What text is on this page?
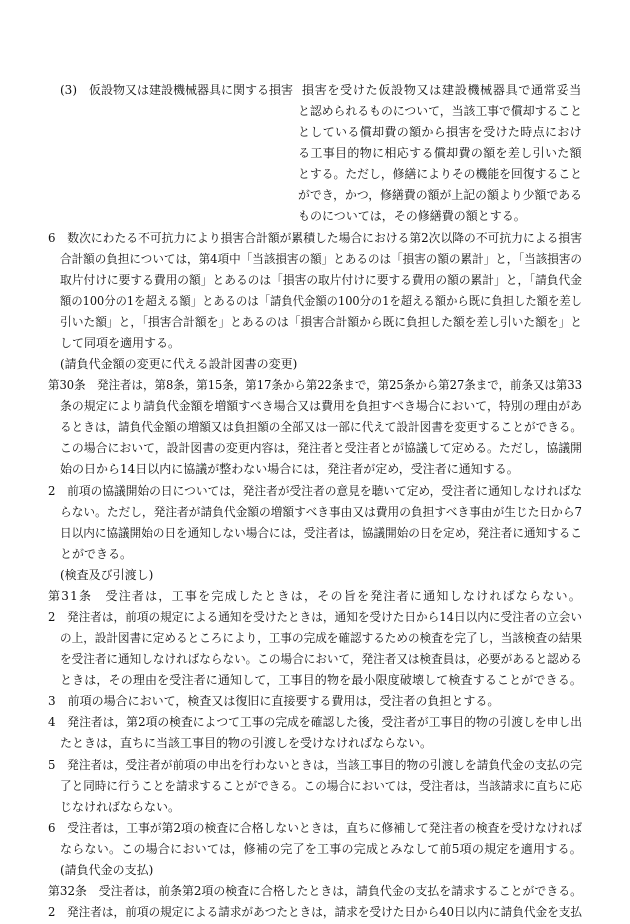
(3)　仮設物又は建設機械器具に関する損害 損害を受けた仮設物又は建設機械器具で通常妥当
と認められるものについて，当該工事で償却すること
としている償却費の額から損害を受けた時点におけ
る工事目的物に相応する償却費の額を差し引いた額
とする。ただし，修繕によりその機能を回復すること
ができ，かつ，修繕費の額が上記の額より少額である
ものについては，その修繕費の額とする。
6　数次にわたる不可抗力により損害合計額が累積した場合における第2次以降の不可抗力による損害
合計額の負担については，第4項中「当該損害の額」とあるのは「損害の額の累計」と，「当該損害の
取片付けに要する費用の額」とあるのは「損害の取片付けに要する費用の額の累計」と，「請負代金
額の100分の1を超える額」とあるのは「請負代金額の100分の1を超える額から既に負担した額を差し
引いた額」と，「損害合計額を」とあるのは「損害合計額から既に負担した額を差し引いた額を」と
して同項を適用する。
(請負代金額の変更に代える設計図書の変更)
第30条　発注者は，第8条，第15条，第17条から第22条まで，第25条から第27条まで，前条又は第33
条の規定により請負代金額を増額すべき場合又は費用を負担すべき場合において，特別の理由があ
るときは，請負代金額の増額又は負担額の全部又は一部に代えて設計図書を変更することができる。
この場合において，設計図書の変更内容は，発注者と受注者とが協議して定める。ただし，協議開
始の日から14日以内に協議が整わない場合には，発注者が定め，受注者に通知する。
2　前項の協議開始の日については，発注者が受注者の意見を聴いて定め，受注者に通知しなければな
らない。ただし，発注者が請負代金額の増額すべき事由又は費用の負担すべき事由が生じた日から7
日以内に協議開始の日を通知しない場合には，受注者は，協議開始の日を定め，発注者に通知するこ
とができる。
(検査及び引渡し)
第31条　受注者は，工事を完成したときは，その旨を発注者に通知しなければならない。
2　発注者は，前項の規定による通知を受けたときは，通知を受けた日から14日以内に受注者の立会い
の上，設計図書に定めるところにより，工事の完成を確認するための検査を完了し，当該検査の結果
を受注者に通知しなければならない。この場合において，発注者又は検査員は，必要があると認める
ときは，その理由を受注者に通知して，工事目的物を最小限度破壊して検査することができる。
3　前項の場合において，検査又は復旧に直接要する費用は，受注者の負担とする。
4　発注者は，第2項の検査によつて工事の完成を確認した後，受注者が工事目的物の引渡しを申し出
たときは，直ちに当該工事目的物の引渡しを受けなければならない。
5　発注者は，受注者が前項の申出を行わないときは，当該工事目的物の引渡しを請負代金の支払の完
了と同時に行うことを請求することができる。この場合においては，受注者は，当該請求に直ちに応
じなければならない。
6　受注者は，工事が第2項の検査に合格しないときは，直ちに修補して発注者の検査を受けなければ
ならない。この場合においては，修補の完了を工事の完成とみなして前5項の規定を適用する。
(請負代金の支払)
第32条　受注者は，前条第2項の検査に合格したときは，請負代金の支払を請求することができる。
2　発注者は，前項の規定による請求があつたときは，請求を受けた日から40日以内に請負代金を支払
